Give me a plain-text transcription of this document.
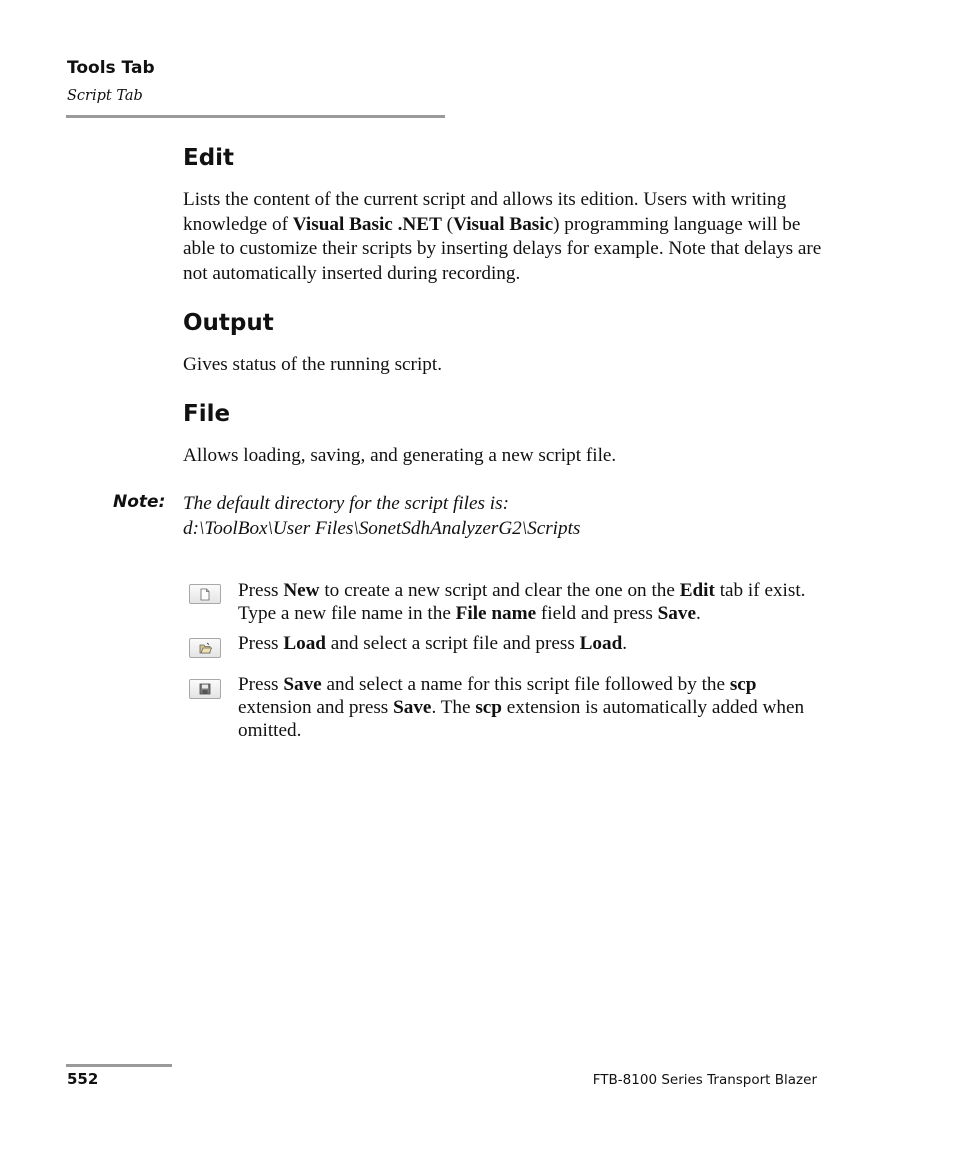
Tools Tab
Script Tab
Edit
Lists the content of the current script and allows its edition. Users with writing knowledge of Visual Basic .NET (Visual Basic) programming language will be able to customize their scripts by inserting delays for example. Note that delays are not automatically inserted during recording.
Output
Gives status of the running script.
File
Allows loading, saving, and generating a new script file.
Note: The default directory for the script files is:
d:\ToolBox\User Files\SonetSdhAnalyzerG2\Scripts
Press New to create a new script and clear the one on the Edit tab if exist. Type a new file name in the File name field and press Save.
Press Load and select a script file and press Load.
Press Save and select a name for this script file followed by the scp extension and press Save. The scp extension is automatically added when omitted.
552	FTB-8100 Series Transport Blazer
